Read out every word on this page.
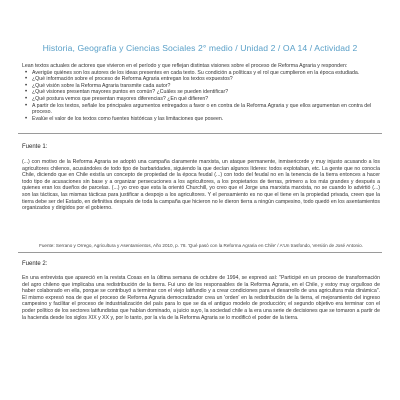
Historia, Geografía y Ciencias Sociales 2° medio / Unidad 2 / OA 14 / Actividad 2

Lean textos actuales de actores que vivieron en el período y que reflejan distintas visiones sobre el proceso de Reforma Agraria y responden:

• Averigüe quiénes son los autores de los ideas presentes en cada texto. Su condición a políticas y el rol que cumplieron en la época estudiada.
• ¿Qué información sobre el proceso de Reforma Agraria entregan los textos expuestos?
• ¿Qué visión sobre la Reforma Agraria transmite cada autor?
• ¿Qué visiones presentan mayores puntos en común? ¿Cuáles se pueden identificar?
• ¿Qué postura vemos que presentan mayores diferencias? ¿En qué difieren?
• A partir de los textos, señale los principales argumentos entregados a favor o en contra de la Reforma Agraria y que ellos argumentan en contra del proceso.
• Evalúe el valor de los textos como fuentes históricas y las limitaciones que poseen.
Fuente 1:
(...) con motivo de la Reforma Agraria se adoptó una campaña claramente marxista, un ataque permanente, inmisericorde y muy injusto acusando a los agricultores chilenos, acusándoles de todo tipo de barbaridades, siguiendo la que decían algunos líderes: todos explotaban, etc. La gente que no conocía Chile, diciendo que en Chile existía un concepto de propiedad de la época feudal (...) con todo del feudal no en la tenencia de la tierra entonces a hacer todo tipo de acusaciones sin base y a organizar persecuciones a los agricultores, a los propietarios de tierras, primero a los más grandes y después a quienes eran los dueños de parcelas. (...) yo creo que esta la orientó Churchill, yo creo que el Jorge una marxista marxista, no se cuando lo advirtió (...) son las tácticas, las mismas tácticas para justificar a despojo a los agricultores. Y el pensamiento es no que el tiene en la propiedad privada, creen que la tierra debe ser del Estado, en definitiva después de toda la campaña que hicieron no le dieron tierra a ningún campesino, todo quedó en los asentamientos organizados y dirigidos por el gobierno.
Fuente: Serrano y Orrego, Agricultura y Asentamientos, Año 2010, p. 78. 'Qué pasó con la Reforma Agraria en Chile' / A'Un trasfondo, Versión de José Antonio.
Fuente 2:
En una entrevista que apareció en la revista Cosas en la última semana de octubre de 1994, se expresó así: "Participé en un proceso de transformación del agro chileno que implicaba una redistribución de la tierra. Fui uno de los responsables de la Reforma Agraria, en el Chile, y estoy muy orgulloso de haber colaborado en ella, porque se contribuyó a terminar con el viejo latifundio y a crear condiciones para el desarrollo de una agricultura más dinámica". El mismo expresó noa de que el proceso de Reforma Agraria democratizador crea un 'orden' en la redistribución de la tierra, el mejoramiento del ingreso campesino y facilitar el proceso de industrialización del país para lo que se da el antiguo modelo de producción; el segundo objetivo era terminar con el poder político de los sectores latifundistas que habían dominado, a juicio suyo, la sociedad chile a la era una serie de decisiones que se tomaron a partir de la hacienda desde los siglos XIX y XX y, por lo tanto, por la vía de la Reforma Agraria se lo modificó el poder de la tierra.
